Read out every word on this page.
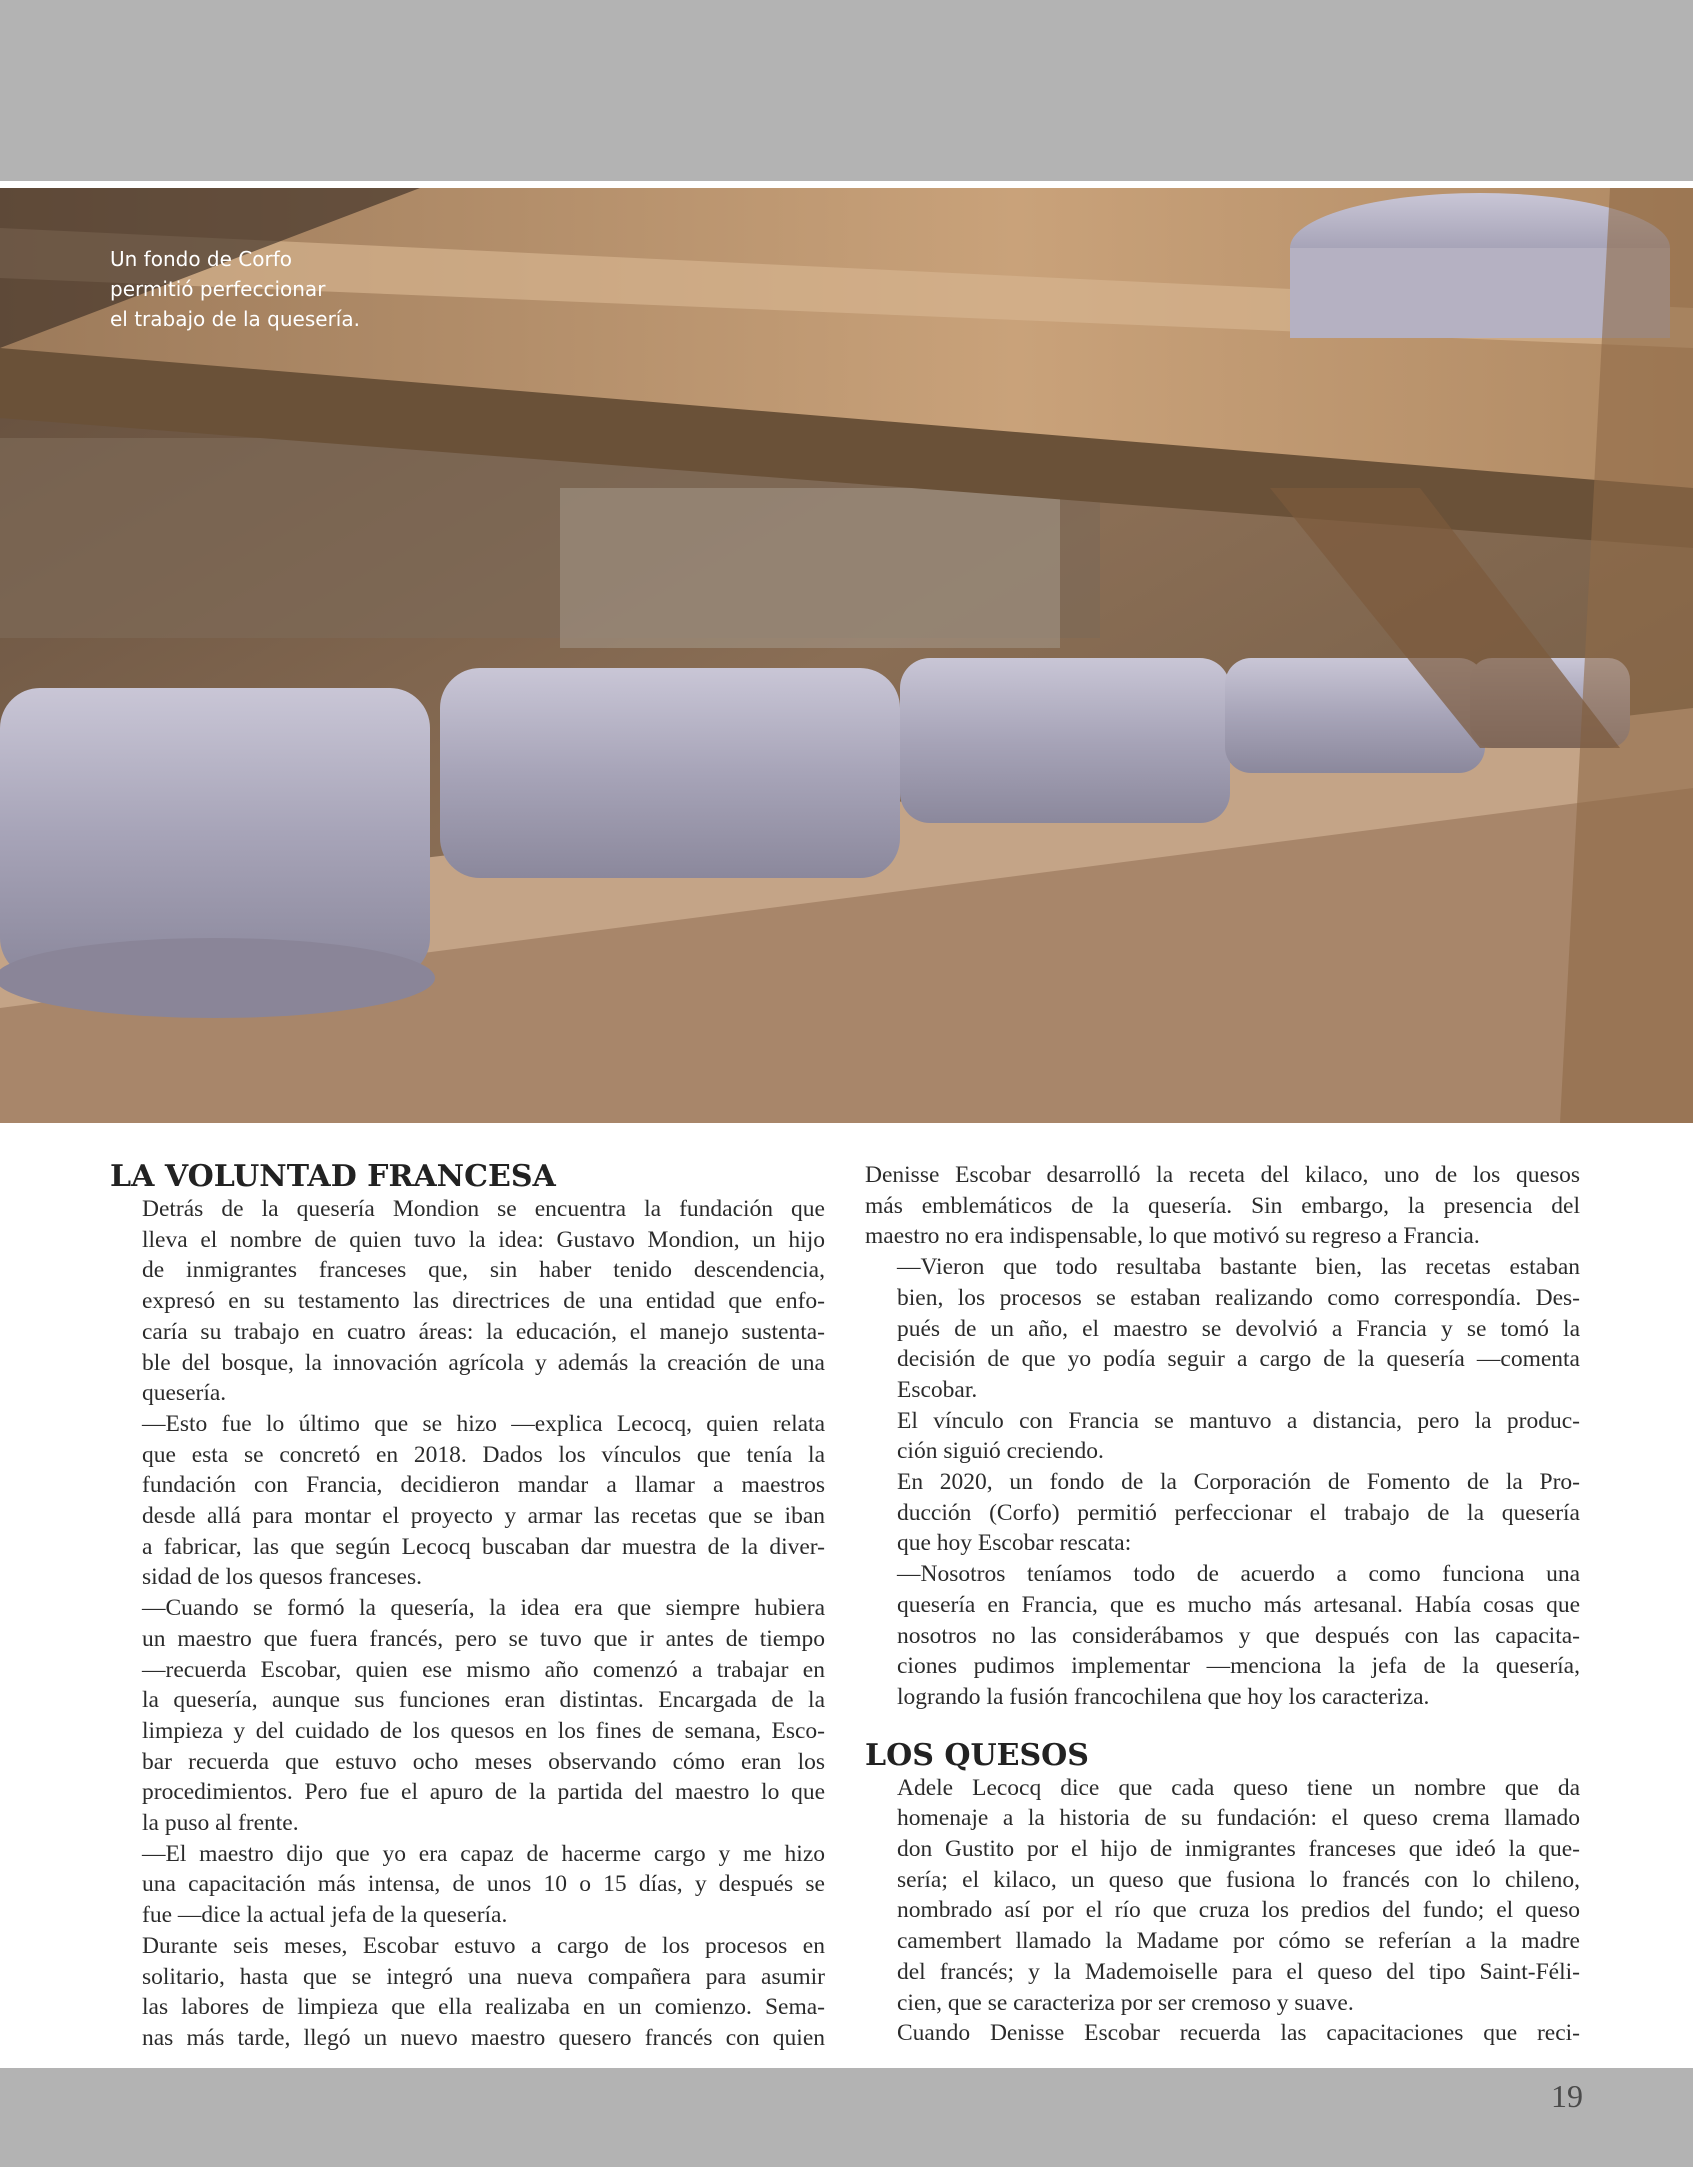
Un fondo de Corfo
permitió perfeccionar
el trabajo de la quesería.
LA VOLUNTAD FRANCESA

Detrás de la quesería Mondion se encuentra la fundación que
lleva el nombre de quien tuvo la idea: Gustavo Mondion, un hijo
de inmigrantes franceses que, sin haber tenido descendencia,
expresó en su testamento las directrices de una entidad que enfo-
caría su trabajo en cuatro áreas: la educación, el manejo sustenta-
ble del bosque, la innovación agrícola y además la creación de una
quesería.

—Esto fue lo último que se hizo —explica Lecocq, quien relata
que esta se concretó en 2018. Dados los vínculos que tenía la
fundación con Francia, decidieron mandar a llamar a maestros
desde allá para montar el proyecto y armar las recetas que se iban
a fabricar, las que según Lecocq buscaban dar muestra de la diver-
sidad de los quesos franceses.

—Cuando se formó la quesería, la idea era que siempre hubiera
un maestro que fuera francés, pero se tuvo que ir antes de tiempo
—recuerda Escobar, quien ese mismo año comenzó a trabajar en
la quesería, aunque sus funciones eran distintas. Encargada de la
limpieza y del cuidado de los quesos en los fines de semana, Esco-
bar recuerda que estuvo ocho meses observando cómo eran los
procedimientos. Pero fue el apuro de la partida del maestro lo que
la puso al frente.

—El maestro dijo que yo era capaz de hacerme cargo y me hizo
una capacitación más intensa, de unos 10 o 15 días, y después se
fue —dice la actual jefa de la quesería.

Durante seis meses, Escobar estuvo a cargo de los procesos en
solitario, hasta que se integró una nueva compañera para asumir
las labores de limpieza que ella realizaba en un comienzo. Sema-
nas más tarde, llegó un nuevo maestro quesero francés con quien

Denisse Escobar desarrolló la receta del kilaco, uno de los quesos
más emblemáticos de la quesería. Sin embargo, la presencia del
maestro no era indispensable, lo que motivó su regreso a Francia.

—Vieron que todo resultaba bastante bien, las recetas estaban
bien, los procesos se estaban realizando como correspondía. Des-
pués de un año, el maestro se devolvió a Francia y se tomó la
decisión de que yo podía seguir a cargo de la quesería —comenta
Escobar.

El vínculo con Francia se mantuvo a distancia, pero la produc-
ción siguió creciendo.

En 2020, un fondo de la Corporación de Fomento de la Pro-
ducción (Corfo) permitió perfeccionar el trabajo de la quesería
que hoy Escobar rescata:

—Nosotros teníamos todo de acuerdo a como funciona una
quesería en Francia, que es mucho más artesanal. Había cosas que
nosotros no las considerábamos y que después con las capacita-
ciones pudimos implementar —menciona la jefa de la quesería,
logrando la fusión francochilena que hoy los caracteriza.

LOS QUESOS

Adele Lecocq dice que cada queso tiene un nombre que da
homenaje a la historia de su fundación: el queso crema llamado
don Gustito por el hijo de inmigrantes franceses que ideó la que-
sería; el kilaco, un queso que fusiona lo francés con lo chileno,
nombrado así por el río que cruza los predios del fundo; el queso
camembert llamado la Madame por cómo se referían a la madre
del francés; y la Mademoiselle para el queso del tipo Saint-Féli-
cien, que se caracteriza por ser cremoso y suave.

Cuando Denisse Escobar recuerda las capacitaciones que reci-

19
